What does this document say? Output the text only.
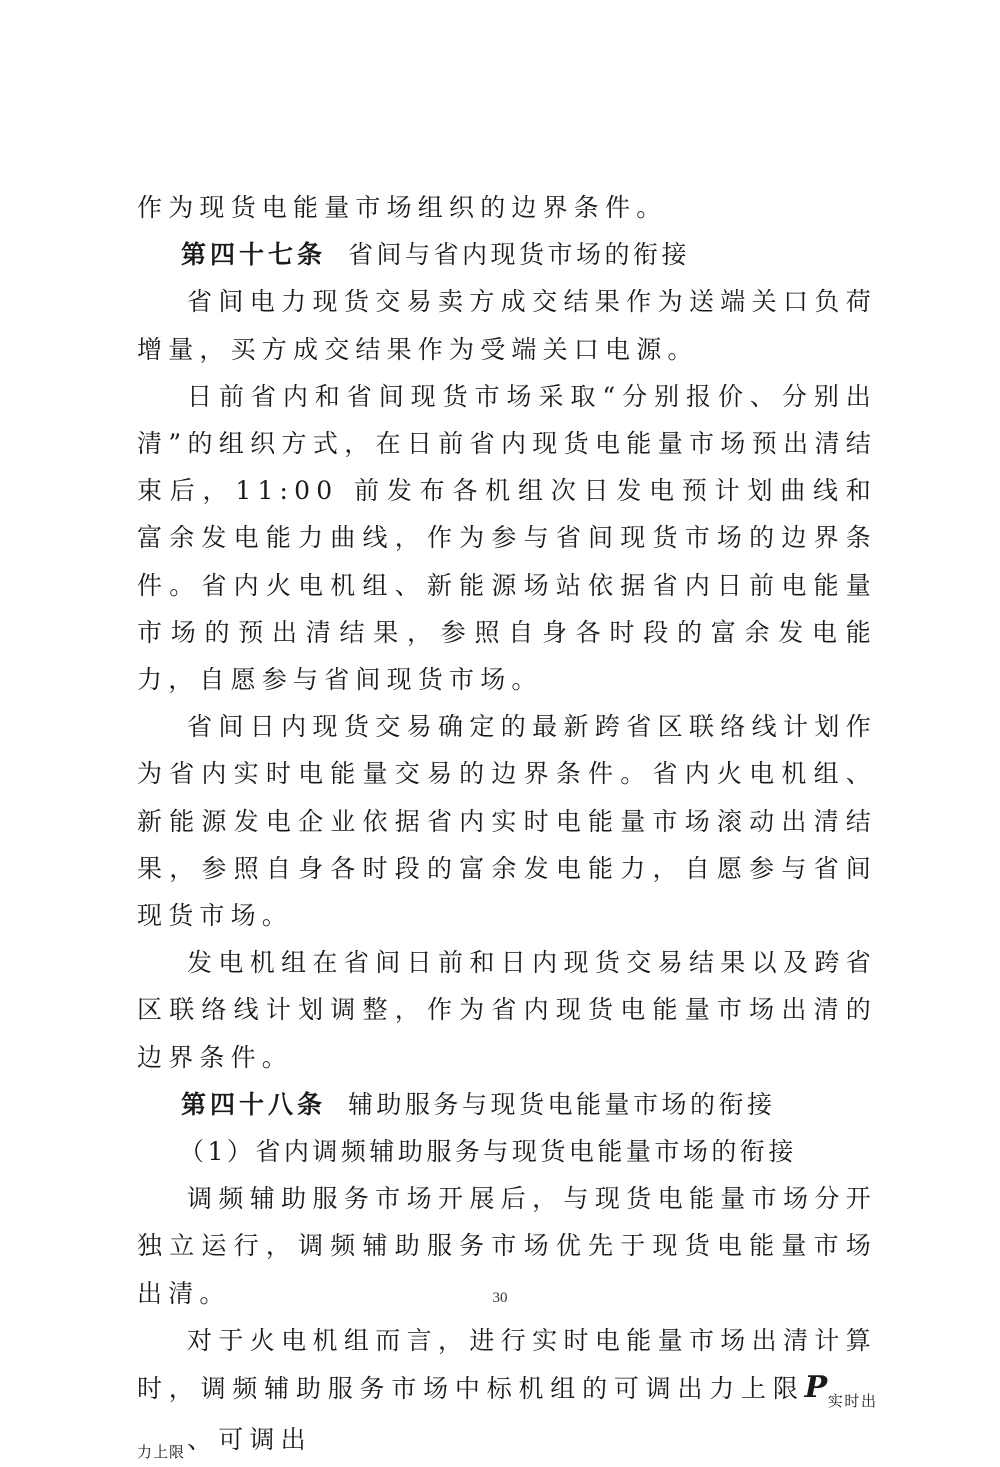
作为现货电能量市场组织的边界条件。

第四十七条 省间与省内现货市场的衔接

省间电力现货交易卖方成交结果作为送端关口负荷增量，买方成交结果作为受端关口电源。

日前省内和省间现货市场采取“分别报价、分别出清”的组织方式，在日前省内现货电能量市场预出清结束后，11:00 前发布各机组次日发电预计划曲线和富余发电能力曲线，作为参与省间现货市场的边界条件。省内火电机组、新能源场站依据省内日前电能量市场的预出清结果，参照自身各时段的富余发电能力，自愿参与省间现货市场。

省间日内现货交易确定的最新跨省区联络线计划作为省内实时电能量交易的边界条件。省内火电机组、新能源发电企业依据省内实时电能量市场滚动出清结果，参照自身各时段的富余发电能力，自愿参与省间现货市场。

发电机组在省间日前和日内现货交易结果以及跨省区联络线计划调整，作为省内现货电能量市场出清的边界条件。

第四十八条 辅助服务与现货电能量市场的衔接

（1）省内调频辅助服务与现货电能量市场的衔接

调频辅助服务市场开展后，与现货电能量市场分开独立运行，调频辅助服务市场优先于现货电能量市场出清。

对于火电机组而言，进行实时电能量市场出清计算时，调频辅助服务市场中标机组的可调出力上限$P_{实时出力上限}$、可调出

30
